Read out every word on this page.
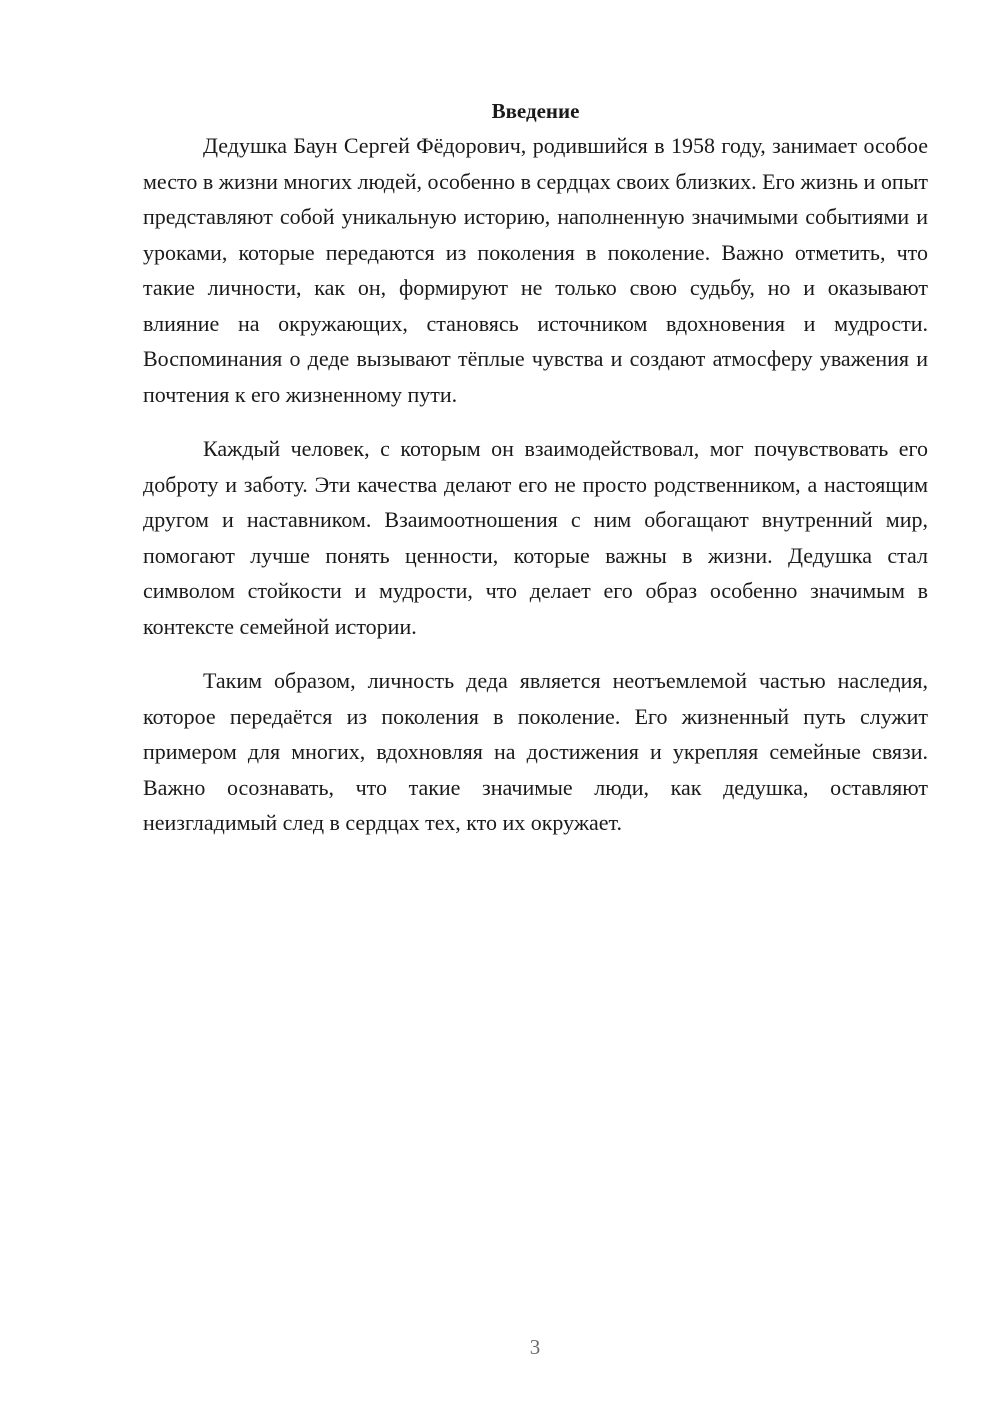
Введение

Дедушка Баун Сергей Фёдорович, родившийся в 1958 году, занимает особое место в жизни многих людей, особенно в сердцах своих близких. Его жизнь и опыт представляют собой уникальную историю, наполненную значимыми событиями и уроками, которые передаются из поколения в поколение. Важно отметить, что такие личности, как он, формируют не только свою судьбу, но и оказывают влияние на окружающих, становясь источником вдохновения и мудрости. Воспоминания о деде вызывают тёплые чувства и создают атмосферу уважения и почтения к его жизненному пути.

Каждый человек, с которым он взаимодействовал, мог почувствовать его доброту и заботу. Эти качества делают его не просто родственником, а настоящим другом и наставником. Взаимоотношения с ним обогащают внутренний мир, помогают лучше понять ценности, которые важны в жизни. Дедушка стал символом стойкости и мудрости, что делает его образ особенно значимым в контексте семейной истории.

Таким образом, личность деда является неотъемлемой частью наследия, которое передаётся из поколения в поколение. Его жизненный путь служит примером для многих, вдохновляя на достижения и укрепляя семейные связи. Важно осознавать, что такие значимые люди, как дедушка, оставляют неизгладимый след в сердцах тех, кто их окружает.

3
